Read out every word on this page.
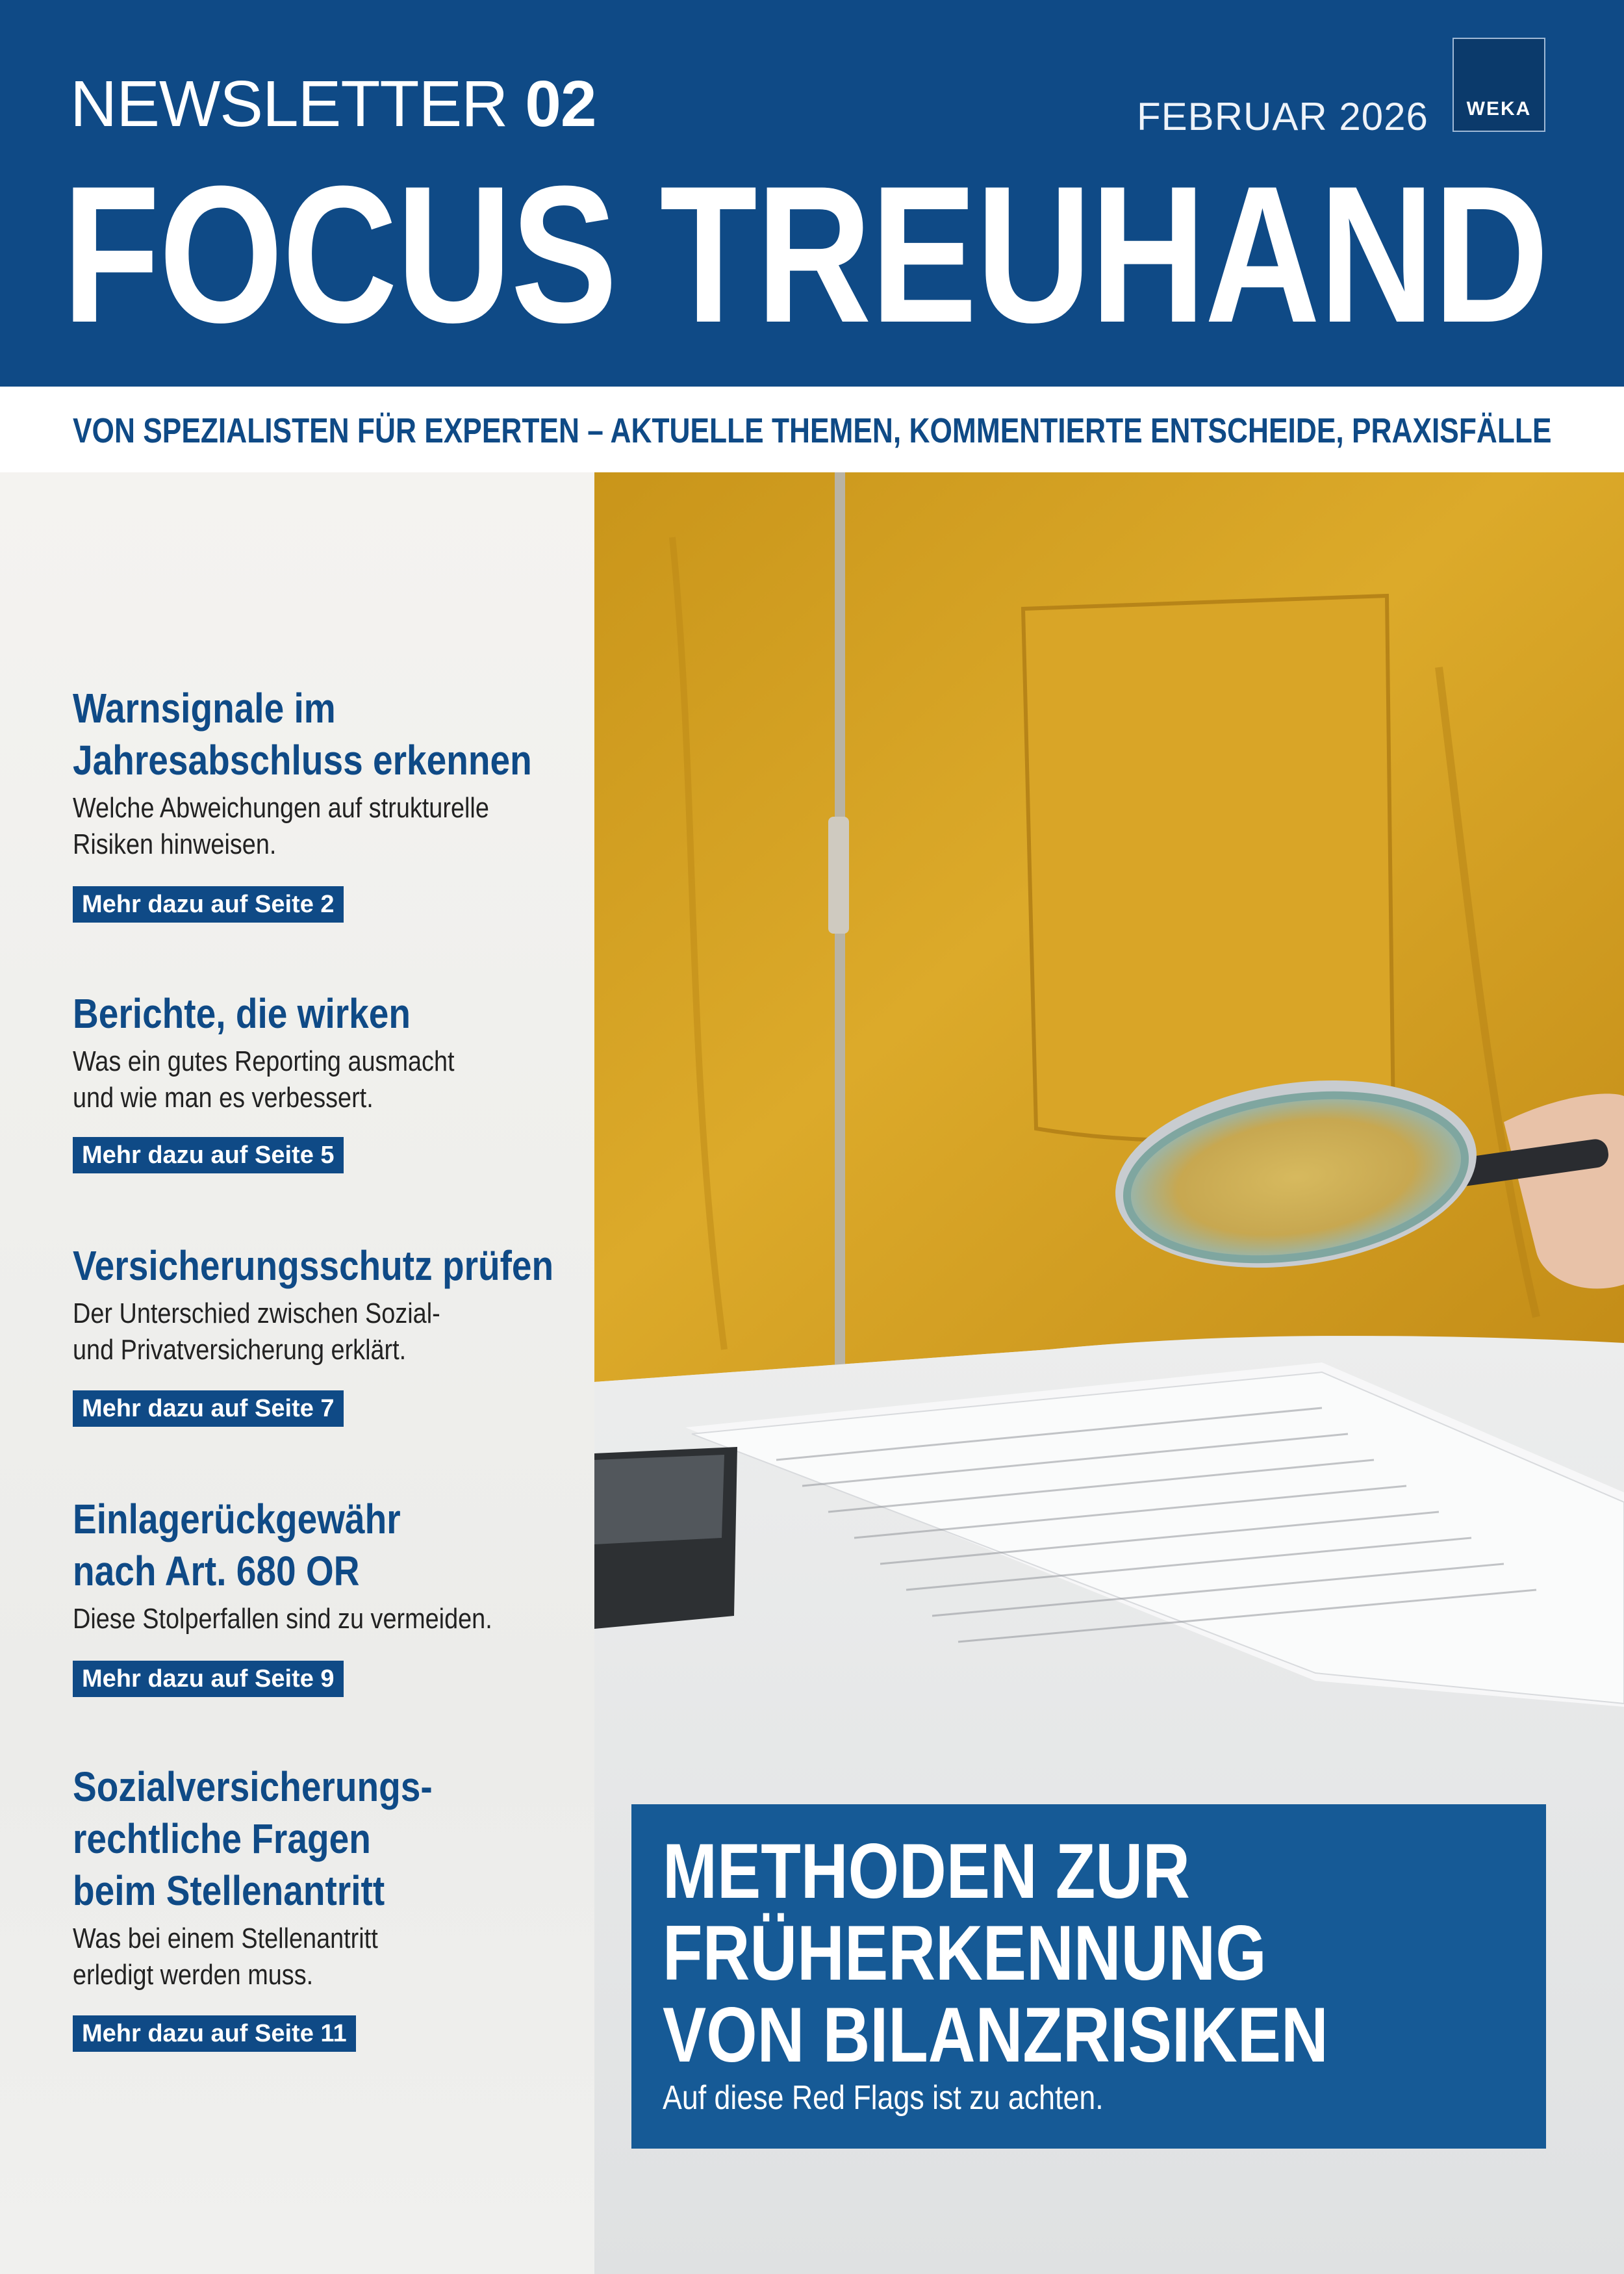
NEWSLETTER 02	FEBRUAR 2026	WEKA
FOCUS TREUHAND
VON SPEZIALISTEN FÜR EXPERTEN – AKTUELLE THEMEN, KOMMENTIERTE ENTSCHEIDE, PRAXISFÄLLE
Warnsignale im
Jahresabschluss erkennen
Welche Abweichungen auf strukturelle
Risiken hinweisen.
Mehr dazu auf Seite 2
Berichte, die wirken
Was ein gutes Reporting ausmacht
und wie man es verbessert.
Mehr dazu auf Seite 5
Versicherungsschutz prüfen
Der Unterschied zwischen Sozial-
und Privatversicherung erklärt.
Mehr dazu auf Seite 7
Einlagerückgewähr
nach Art. 680 OR
Diese Stolperfallen sind zu vermeiden.
Mehr dazu auf Seite 9
Sozialversicherungs-
rechtliche Fragen
beim Stellenantritt
Was bei einem Stellenantritt
erledigt werden muss.
Mehr dazu auf Seite 11
METHODEN ZUR
FRÜHERKENNUNG
VON BILANZRISIKEN
Auf diese Red Flags ist zu achten.
